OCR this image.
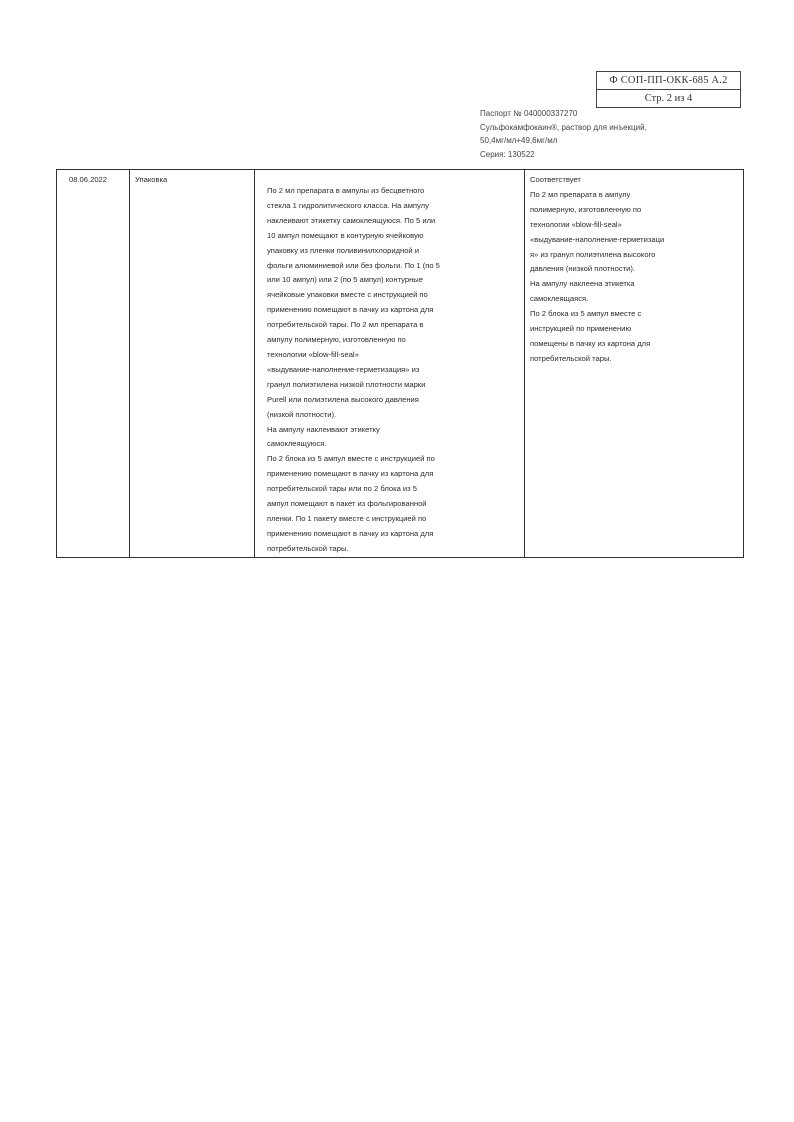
Ф СОП-ПП-ОКК-685 А.2
Стр. 2 из 4
Паспорт № 040000337270
Сульфокамфокаин®, раствор для инъекций,
50,4мг/мл+49,6мг/мл
Серия: 130522
08.06.2022	Упаковка

По 2 мл препарата в ампулы из бесцветного
стекла 1 гидролитического класса. На ампулу
наклеивают этикетку самоклеящуюся. По 5 или
10 ампул помещают в контурную ячейковую
упаковку из пленки поливинилхлоридной и
фольги алюминиевой или без фольги. По 1 (по 5
или 10 ампул) или 2 (по 5 ампул) контурные
ячейковые упаковки вместе с инструкцией по
применению помещают в пачку из картона для
потребительской тары. По 2 мл препарата в
ампулу полимерную, изготовленную по
технологии «blow-fill-seal»
«выдувание-наполнение-герметизация» из
гранул полиэтилена низкой плотности марки
Purell или полиэтилена высокого давления
(низкой плотности).
На ампулу наклеивают этикетку
самоклеящуюся.
По 2 блока из 5 ампул вместе с инструкцией по
применению помещают в пачку из картона для
потребительской тары или по 2 блока из 5
ампул помещают в пакет из фольгированной
пленки. По 1 пакету вместе с инструкцией по
применению помещают в пачку из картона для
потребительской тары.

Соответствует
По 2 мл препарата в ампулу
полимерную, изготовленную по
технологии «blow-fill-seal»
«выдувание-наполнение-герметизаци
я» из гранул полиэтилена высокого
давления (низкой плотности).
На ампулу наклеена этикетка
самоклеящаяся.
По 2 блока из 5 ампул вместе с
инструкцией по применению
помещены в пачку из картона для
потребительской тары.
